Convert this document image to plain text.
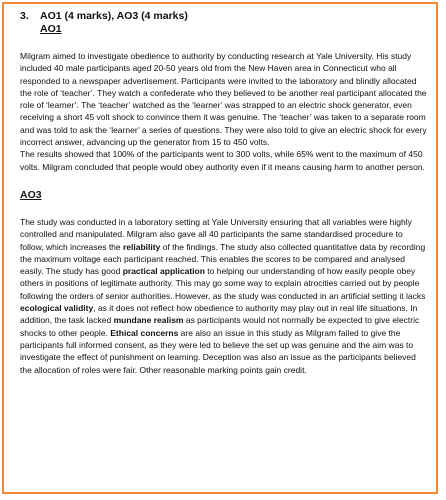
3.	AO1 (4 marks), AO3 (4 marks)
AO1

Milgram aimed to investigate obedience to authority by conducting research at Yale University. His study included 40 male participants aged 20-50 years old from the New Haven area in Connecticut who all responded to a newspaper advertisement. Participants were invited to the laboratory and blindly allocated the role of ‘teacher’. They watch a confederate who they believed to be another real participant allocated the role of ‘learner’. The ‘teacher’ watched as the ‘learner’ was strapped to an electric shock generator, even receiving a short 45 volt shock to convince them it was genuine. The ‘teacher’ was taken to a separate room and was told to ask the ‘learner’ a series of questions. They were also told to give an electric shock for every incorrect answer, advancing up the generator from 15 to 450 volts.
The results showed that 100% of the participants went to 300 volts, while 65% went to the maximum of 450 volts. Milgram concluded that people would obey authority even if it means causing harm to another person.

AO3

The study was conducted in a laboratory setting at Yale University ensuring that all variables were highly controlled and manipulated. Milgram also gave all 40 participants the same standardised procedure to follow, which increases the reliability of the findings. The study also collected quantitative data by recording the maximum voltage each participant reached. This enables the scores to be compared and analysed easily. The study has good practical application to helping our understanding of how easily people obey others in positions of legitimate authority. This may go some way to explain atrocities carried out by people following the orders of senior authorities. However, as the study was conducted in an artificial setting it lacks ecological validity, as it does not reflect how obedience to authority may play out in real life situations. In addition, the task lacked mundane realism as participants would not normally be expected to give electric shocks to other people. Ethical concerns are also an issue in this study as Milgram failed to give the participants full informed consent, as they were led to believe the set up was genuine and the aim was to investigate the effect of punishment on learning. Deception was also an issue as the participants believed the allocation of roles were fair. Other reasonable marking points gain credit.
